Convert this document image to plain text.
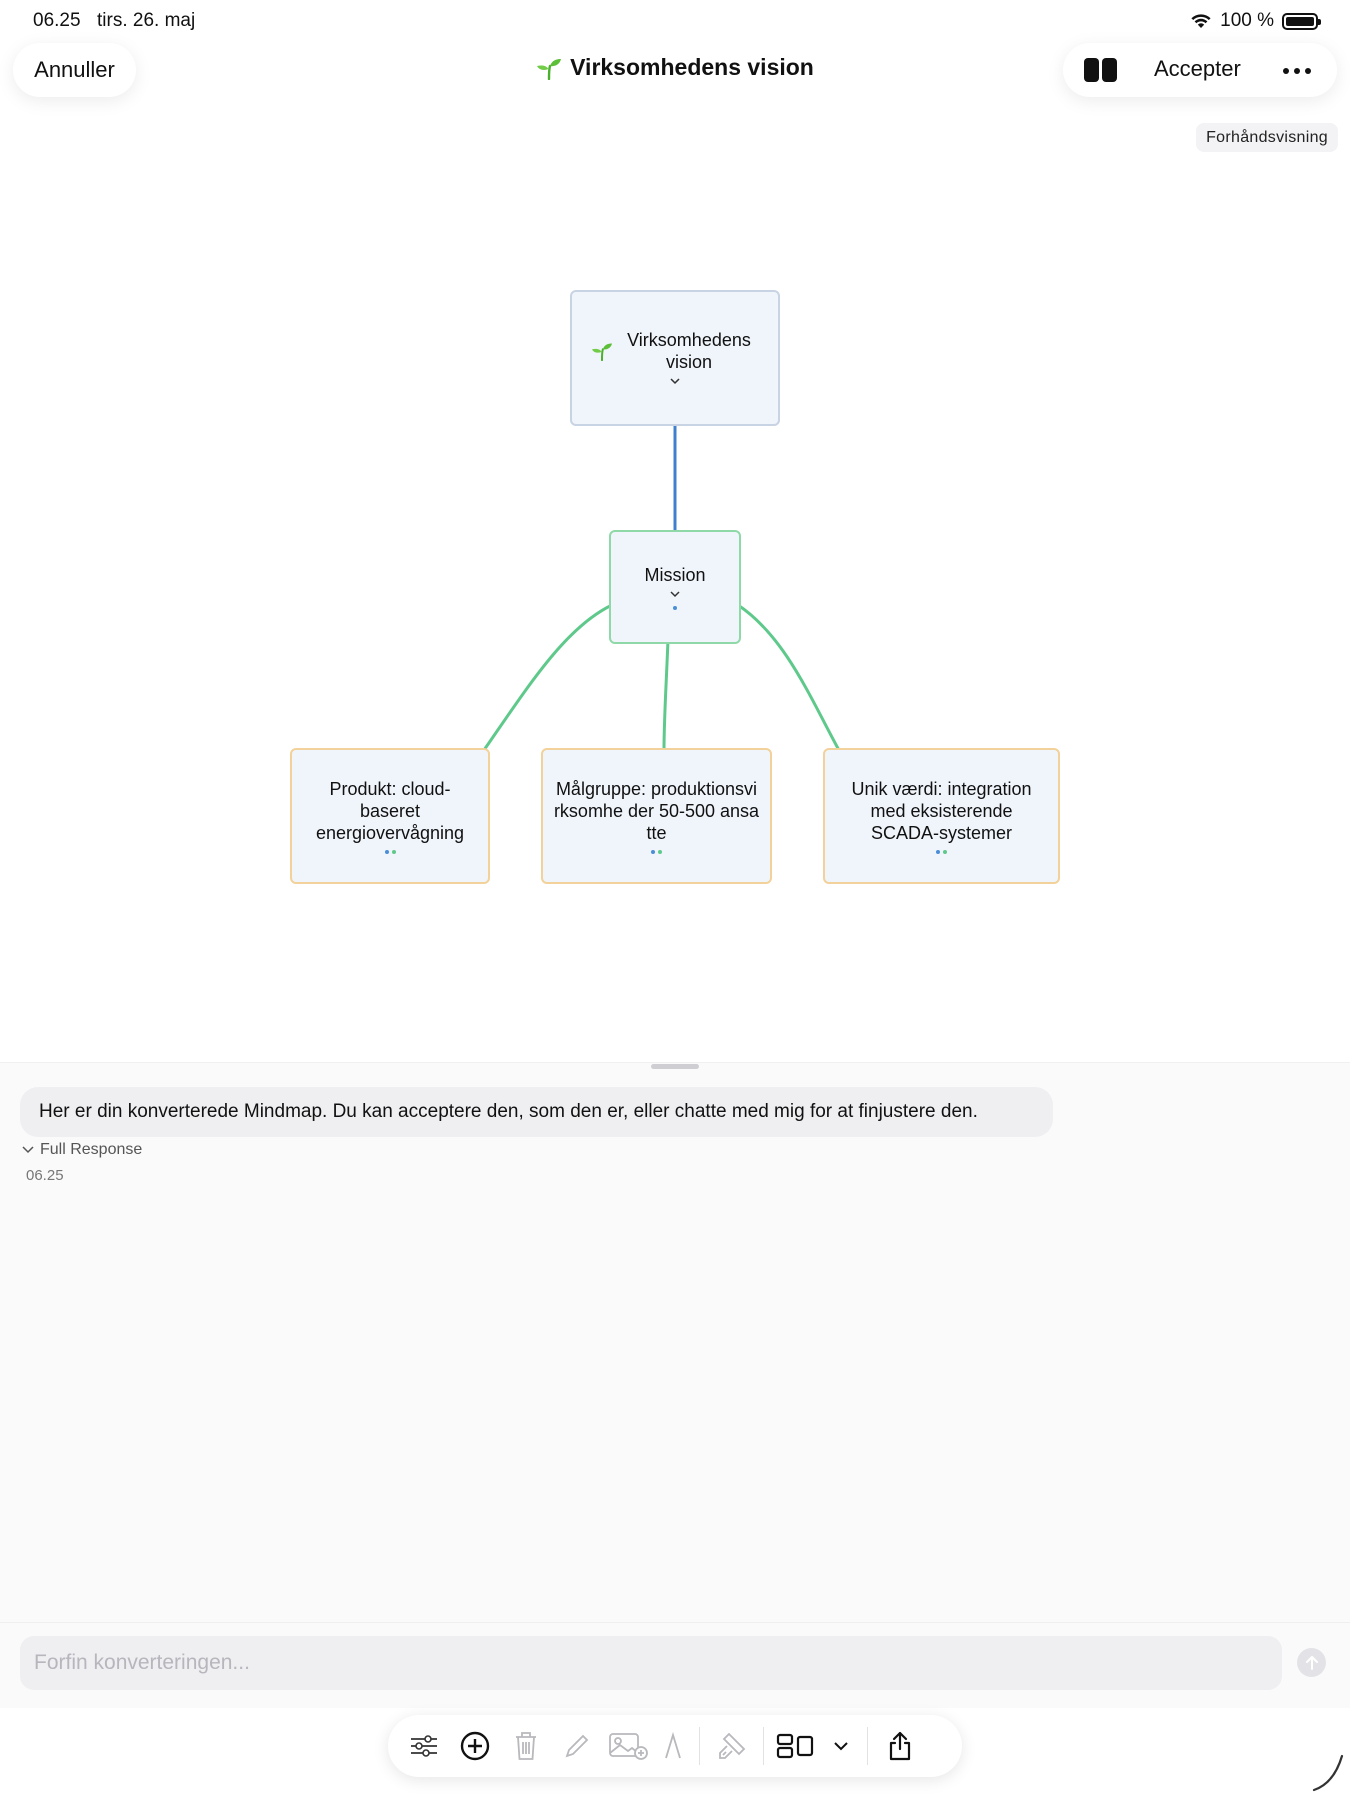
06.25 tirs. 26. maj	100 %
Annuller	Virksomhedens vision	Accepter
Forhåndsvisning
Virksomhedens vision
Mission
Produkt: cloud-baseret energiovervågning
Målgruppe: produktionsvirksomhe der 50-500 ansatte
Unik værdi: integration med eksisterende SCADA-systemer
Her er din konverterede Mindmap. Du kan acceptere den, som den er, eller chatte med mig for at finjustere den.
Full Response
06.25
Forfin konverteringen...
